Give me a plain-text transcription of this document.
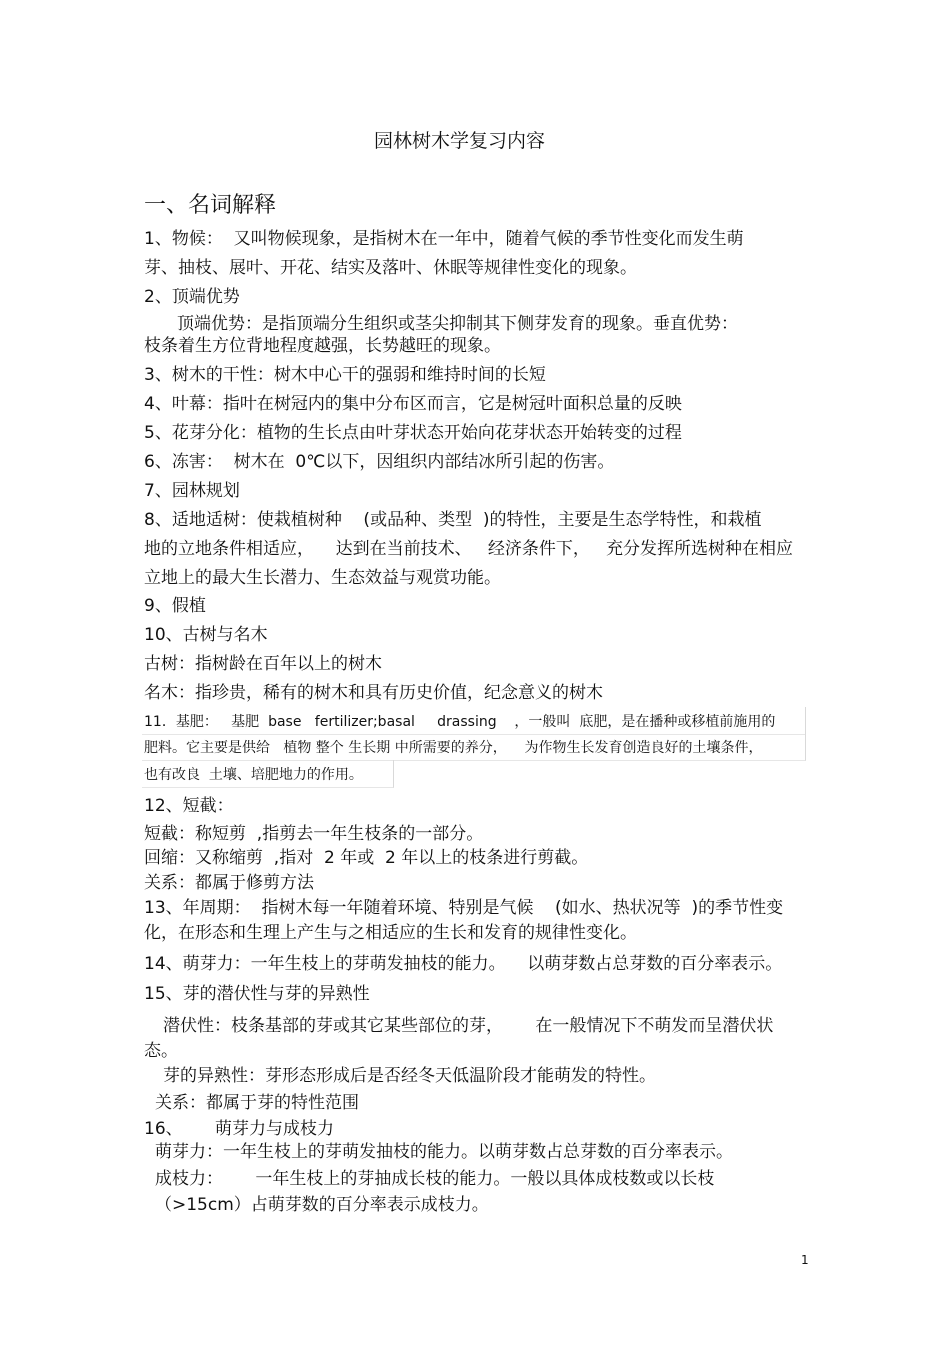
园林树木学复习内容
一、名词解释
1、物候：  又叫物候现象，是指树木在一年中，随着气候的季节性变化而发生萌
芽、抽枝、展叶、开花、结实及落叶、休眠等规律性变化的现象。
2、顶端优势
顶端优势：是指顶端分生组织或茎尖抑制其下侧芽发育的现象。垂直优势：
枝条着生方位背地程度越强，长势越旺的现象。
3、树木的干性：树木中心干的强弱和维持时间的长短
4、叶幕：指叶在树冠内的集中分布区而言，它是树冠叶面积总量的反映
5、花芽分化：植物的生长点由叶芽状态开始向花芽状态开始转变的过程
6、冻害：  树木在  0℃以下，因组织内部结冰所引起的伤害。
7、园林规划
8、适地适树：使栽植树种    (或品种、类型  )的特性，主要是生态学特性，和栽植
地的立地条件相适应，    达到在当前技术、   经济条件下，   充分发挥所选树种在相应
立地上的最大生长潜力、生态效益与观赏功能。
9、假植
10、古树与名木
古树：指树龄在百年以上的树木
名木：指珍贵，稀有的树木和具有历史价值，纪念意义的树木
11．基肥：   基肥  base   fertilizer;basal     drassing    ，一般叫  底肥，是在播种或移植前施用的
肥料。它主要是供给   植物 整个 生长期 中所需要的养分，    为作物生长发育创造良好的土壤条件，
也有改良  土壤、培肥地力的作用。
12、短截：
短截：称短剪  ,指剪去一年生枝条的一部分。
回缩：又称缩剪  ,指对  2 年或  2 年以上的枝条进行剪截。
关系：都属于修剪方法
13、年周期：  指树木每一年随着环境、特别是气候    (如水、热状况等  )的季节性变
化，在形态和生理上产生与之相适应的生长和发育的规律性变化。
14、萌芽力：一年生枝上的芽萌发抽枝的能力。    以萌芽数占总芽数的百分率表示。
15、芽的潜伏性与芽的异熟性
潜伏性：枝条基部的芽或其它某些部位的芽，      在一般情况下不萌发而呈潜伏状
态。
芽的异熟性：芽形态形成后是否经冬天低温阶段才能萌发的特性。
关系：都属于芽的特性范围
16、      萌芽力与成枝力
萌芽力：一年生枝上的芽萌发抽枝的能力。以萌芽数占总芽数的百分率表示。
成枝力：      一年生枝上的芽抽成长枝的能力。一般以具体成枝数或以长枝
（>15cm）占萌芽数的百分率表示成枝力。
1
